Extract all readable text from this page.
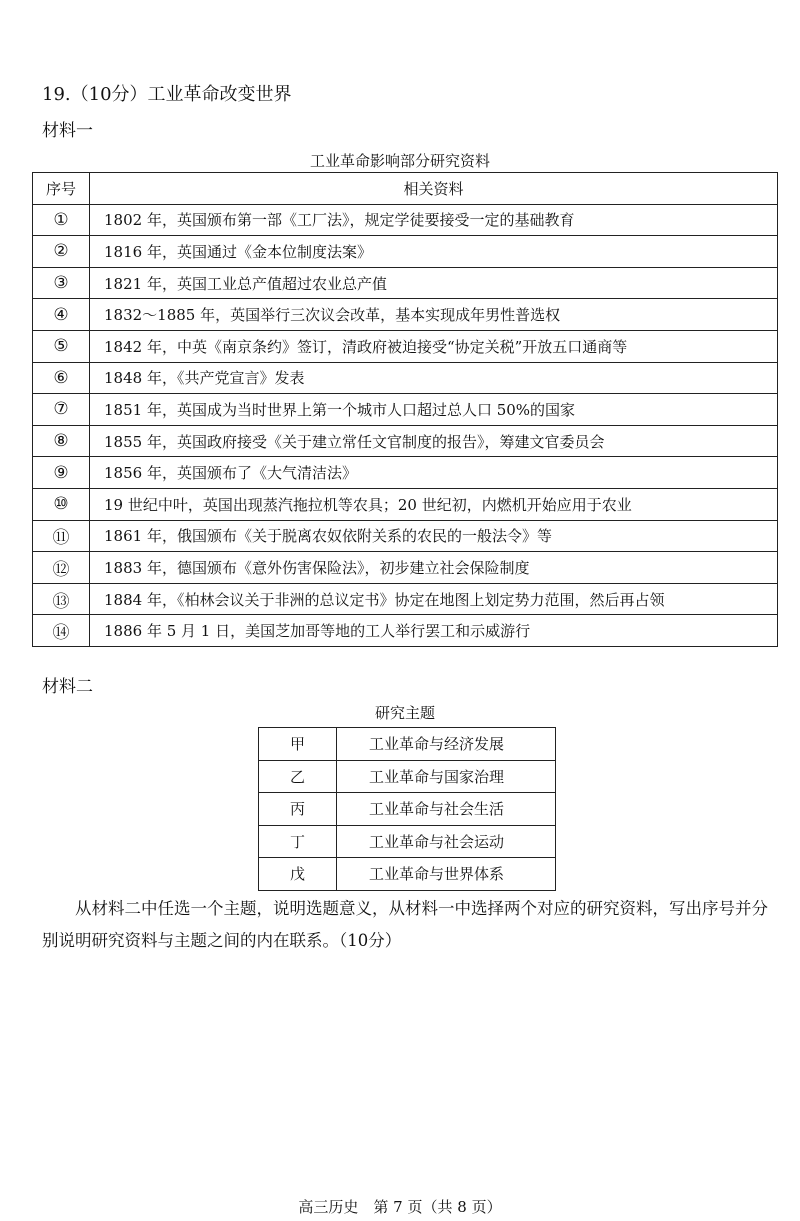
19.（10分）工业革命改变世界
材料一
工业革命影响部分研究资料
序号	相关资料
①	1802 年，英国颁布第一部《工厂法》，规定学徒要接受一定的基础教育
②	1816 年，英国通过《金本位制度法案》
③	1821 年，英国工业总产值超过农业总产值
④	1832～1885 年，英国举行三次议会改革，基本实现成年男性普选权
⑤	1842 年，中英《南京条约》签订，清政府被迫接受“协定关税”开放五口通商等
⑥	1848 年，《共产党宣言》发表
⑦	1851 年，英国成为当时世界上第一个城市人口超过总人口 50%的国家
⑧	1855 年，英国政府接受《关于建立常任文官制度的报告》，筹建文官委员会
⑨	1856 年，英国颁布了《大气清洁法》
⑩	19 世纪中叶，英国出现蒸汽拖拉机等农具；20 世纪初，内燃机开始应用于农业
⑪	1861 年，俄国颁布《关于脱离农奴依附关系的农民的一般法令》等
⑫	1883 年，德国颁布《意外伤害保险法》，初步建立社会保险制度
⑬	1884 年，《柏林会议关于非洲的总议定书》协定在地图上划定势力范围，然后再占领
⑭	1886 年 5 月 1 日，美国芝加哥等地的工人举行罢工和示威游行
材料二
研究主题
甲	工业革命与经济发展
乙	工业革命与国家治理
丙	工业革命与社会生活
丁	工业革命与社会运动
戊	工业革命与世界体系
从材料二中任选一个主题，说明选题意义，从材料一中选择两个对应的研究资料，写出序号并分别说明研究资料与主题之间的内在联系。（10分）
高三历史　第 7 页（共 8 页）
